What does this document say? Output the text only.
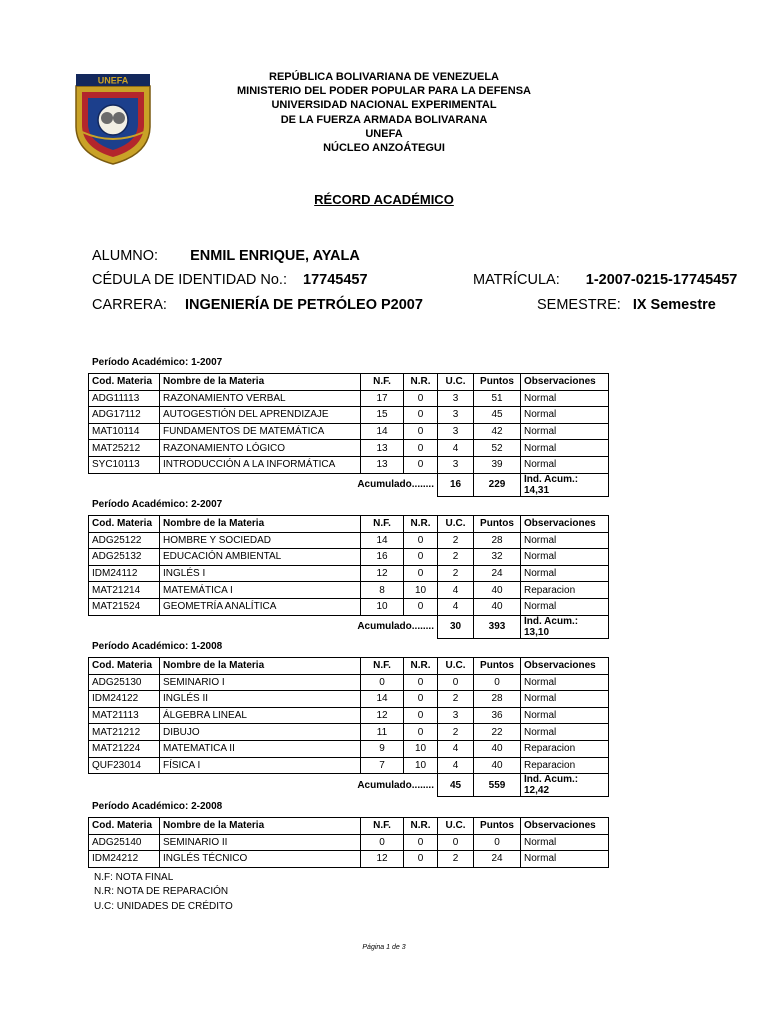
UNEFA	REPÚBLICA BOLIVARIANA DE VENEZUELA
MINISTERIO DEL PODER POPULAR PARA LA DEFENSA
UNIVERSIDAD NACIONAL EXPERIMENTAL
DE LA FUERZA ARMADA BOLIVARANA
UNEFA
NÚCLEO ANZOÁTEGUI
RÉCORD ACADÉMICO
ALUMNO: ENMIL ENRIQUE, AYALA
CÉDULA DE IDENTIDAD No.: 17745457	MATRÍCULA: 1-2007-0215-17745457
CARRERA: INGENIERÍA DE PETRÓLEO P2007	SEMESTRE: IX Semestre
Período Académico: 1-2007
Cod. Materia	Nombre de la Materia	N.F.	N.R.	U.C.	Puntos	Observaciones
ADG11113	RAZONAMIENTO VERBAL	17	0	3	51	Normal
ADG17112	AUTOGESTIÓN DEL APRENDIZAJE	15	0	3	45	Normal
MAT10114	FUNDAMENTOS DE MATEMÁTICA	14	0	3	42	Normal
MAT25212	RAZONAMIENTO LÓGICO	13	0	4	52	Normal
SYC10113	INTRODUCCIÓN A LA INFORMÁTICA	13	0	3	39	Normal
	Acumulado........			16	229	Índ. Acum.: 14,31
Período Académico: 2-2007
Cod. Materia	Nombre de la Materia	N.F.	N.R.	U.C.	Puntos	Observaciones
ADG25122	HOMBRE Y SOCIEDAD	14	0	2	28	Normal
ADG25132	EDUCACIÓN AMBIENTAL	16	0	2	32	Normal
IDM24112	INGLÉS I	12	0	2	24	Normal
MAT21214	MATEMÁTICA I	8	10	4	40	Reparacion
MAT21524	GEOMETRÍA ANALÍTICA	10	0	4	40	Normal
	Acumulado........			30	393	Índ. Acum.: 13,10
Período Académico: 1-2008
Cod. Materia	Nombre de la Materia	N.F.	N.R.	U.C.	Puntos	Observaciones
ADG25130	SEMINARIO I	0	0	0	0	Normal
IDM24122	INGLÉS II	14	0	2	28	Normal
MAT21113	ÁLGEBRA LINEAL	12	0	3	36	Normal
MAT21212	DIBUJO	11	0	2	22	Normal
MAT21224	MATEMATICA II	9	10	4	40	Reparacion
QUF23014	FÍSICA I	7	10	4	40	Reparacion
	Acumulado........			45	559	Índ. Acum.: 12,42
Período Académico: 2-2008
Cod. Materia	Nombre de la Materia	N.F.	N.R.	U.C.	Puntos	Observaciones
ADG25140	SEMINARIO II	0	0	0	0	Normal
IDM24212	INGLÉS TÉCNICO	12	0	2	24	Normal
N.F: NOTA FINAL
N.R: NOTA DE REPARACIÓN
U.C: UNIDADES DE CRÉDITO
Página 1 de 3
